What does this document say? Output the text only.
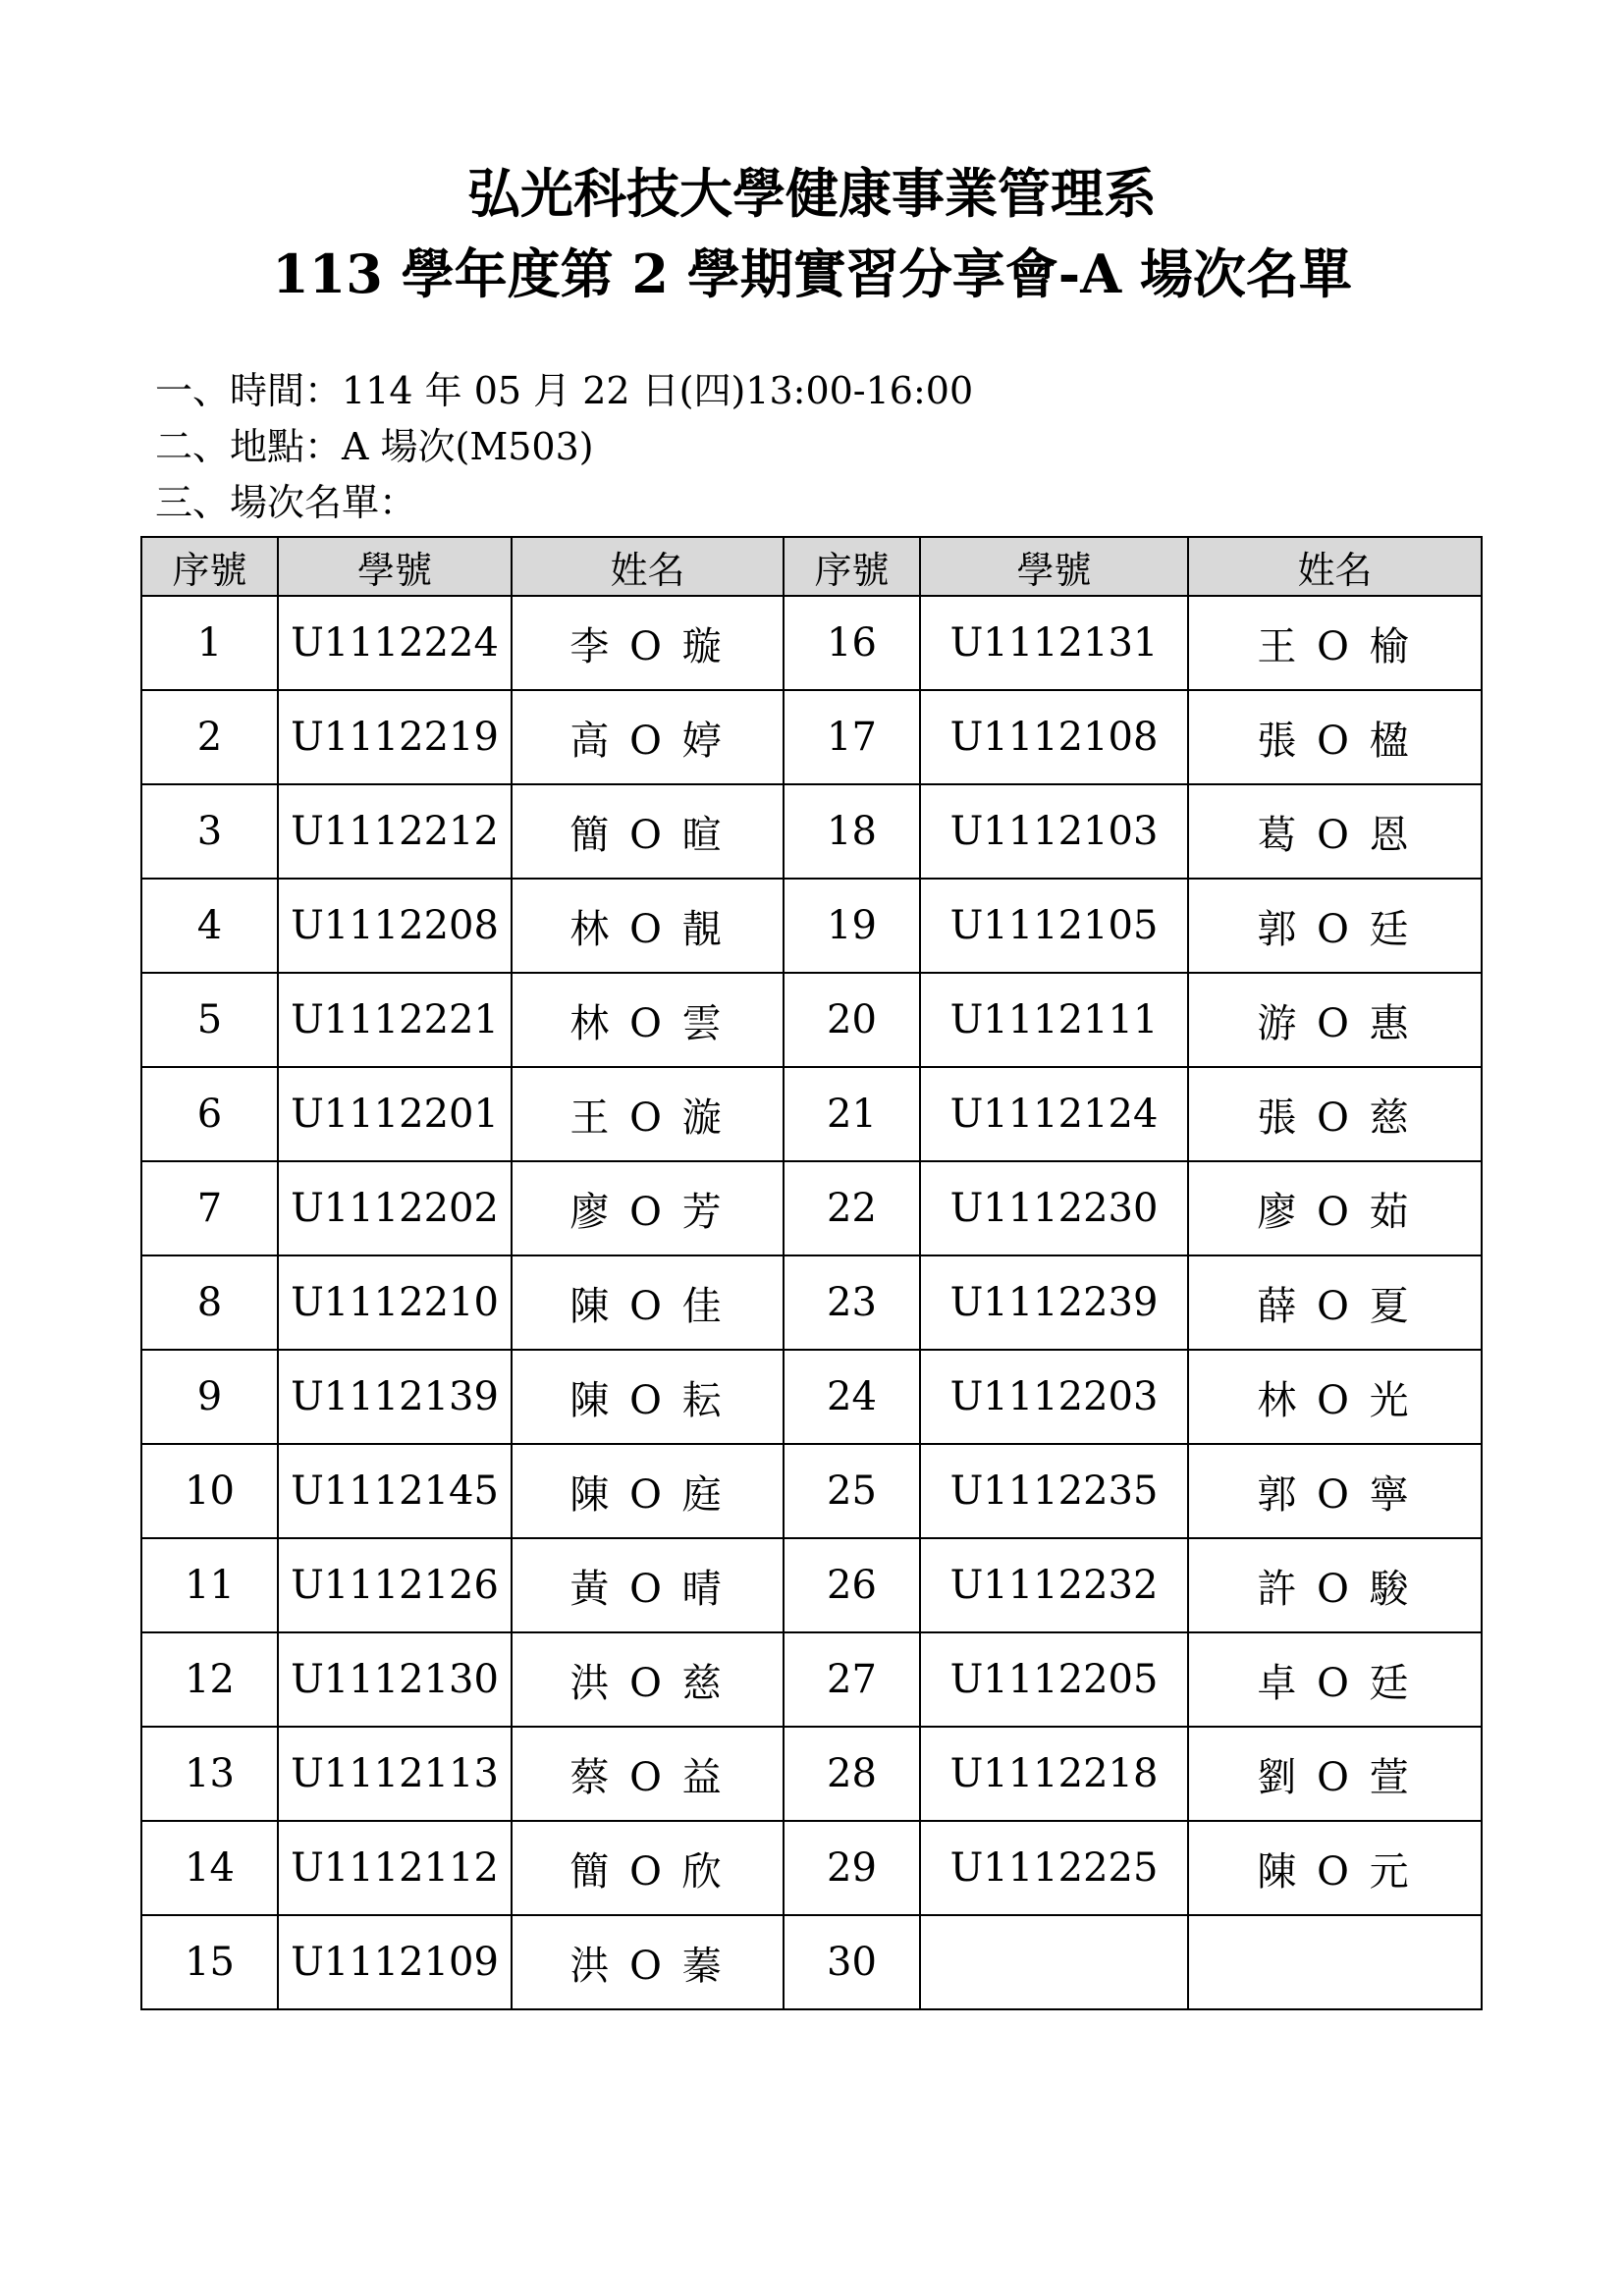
弘光科技大學健康事業管理系
113 學年度第 2 學期實習分享會-A 場次名單
一、時間：114 年 05 月 22 日(四)13:00-16:00
二、地點：A 場次(M503)
三、場次名單：
序號	學號	姓名	序號	學號	姓名
1	U1112224	李 O 璇	16	U1112131	王 O 榆
2	U1112219	高 O 婷	17	U1112108	張 O 楹
3	U1112212	簡 O 暄	18	U1112103	葛 O 恩
4	U1112208	林 O 靚	19	U1112105	郭 O 廷
5	U1112221	林 O 雲	20	U1112111	游 O 惠
6	U1112201	王 O 漩	21	U1112124	張 O 慈
7	U1112202	廖 O 芳	22	U1112230	廖 O 茹
8	U1112210	陳 O 佳	23	U1112239	薛 O 夏
9	U1112139	陳 O 耘	24	U1112203	林 O 光
10	U1112145	陳 O 庭	25	U1112235	郭 O 寧
11	U1112126	黃 O 晴	26	U1112232	許 O 駿
12	U1112130	洪 O 慈	27	U1112205	卓 O 廷
13	U1112113	蔡 O 益	28	U1112218	劉 O 萱
14	U1112112	簡 O 欣	29	U1112225	陳 O 元
15	U1112109	洪 O 蓁	30		
